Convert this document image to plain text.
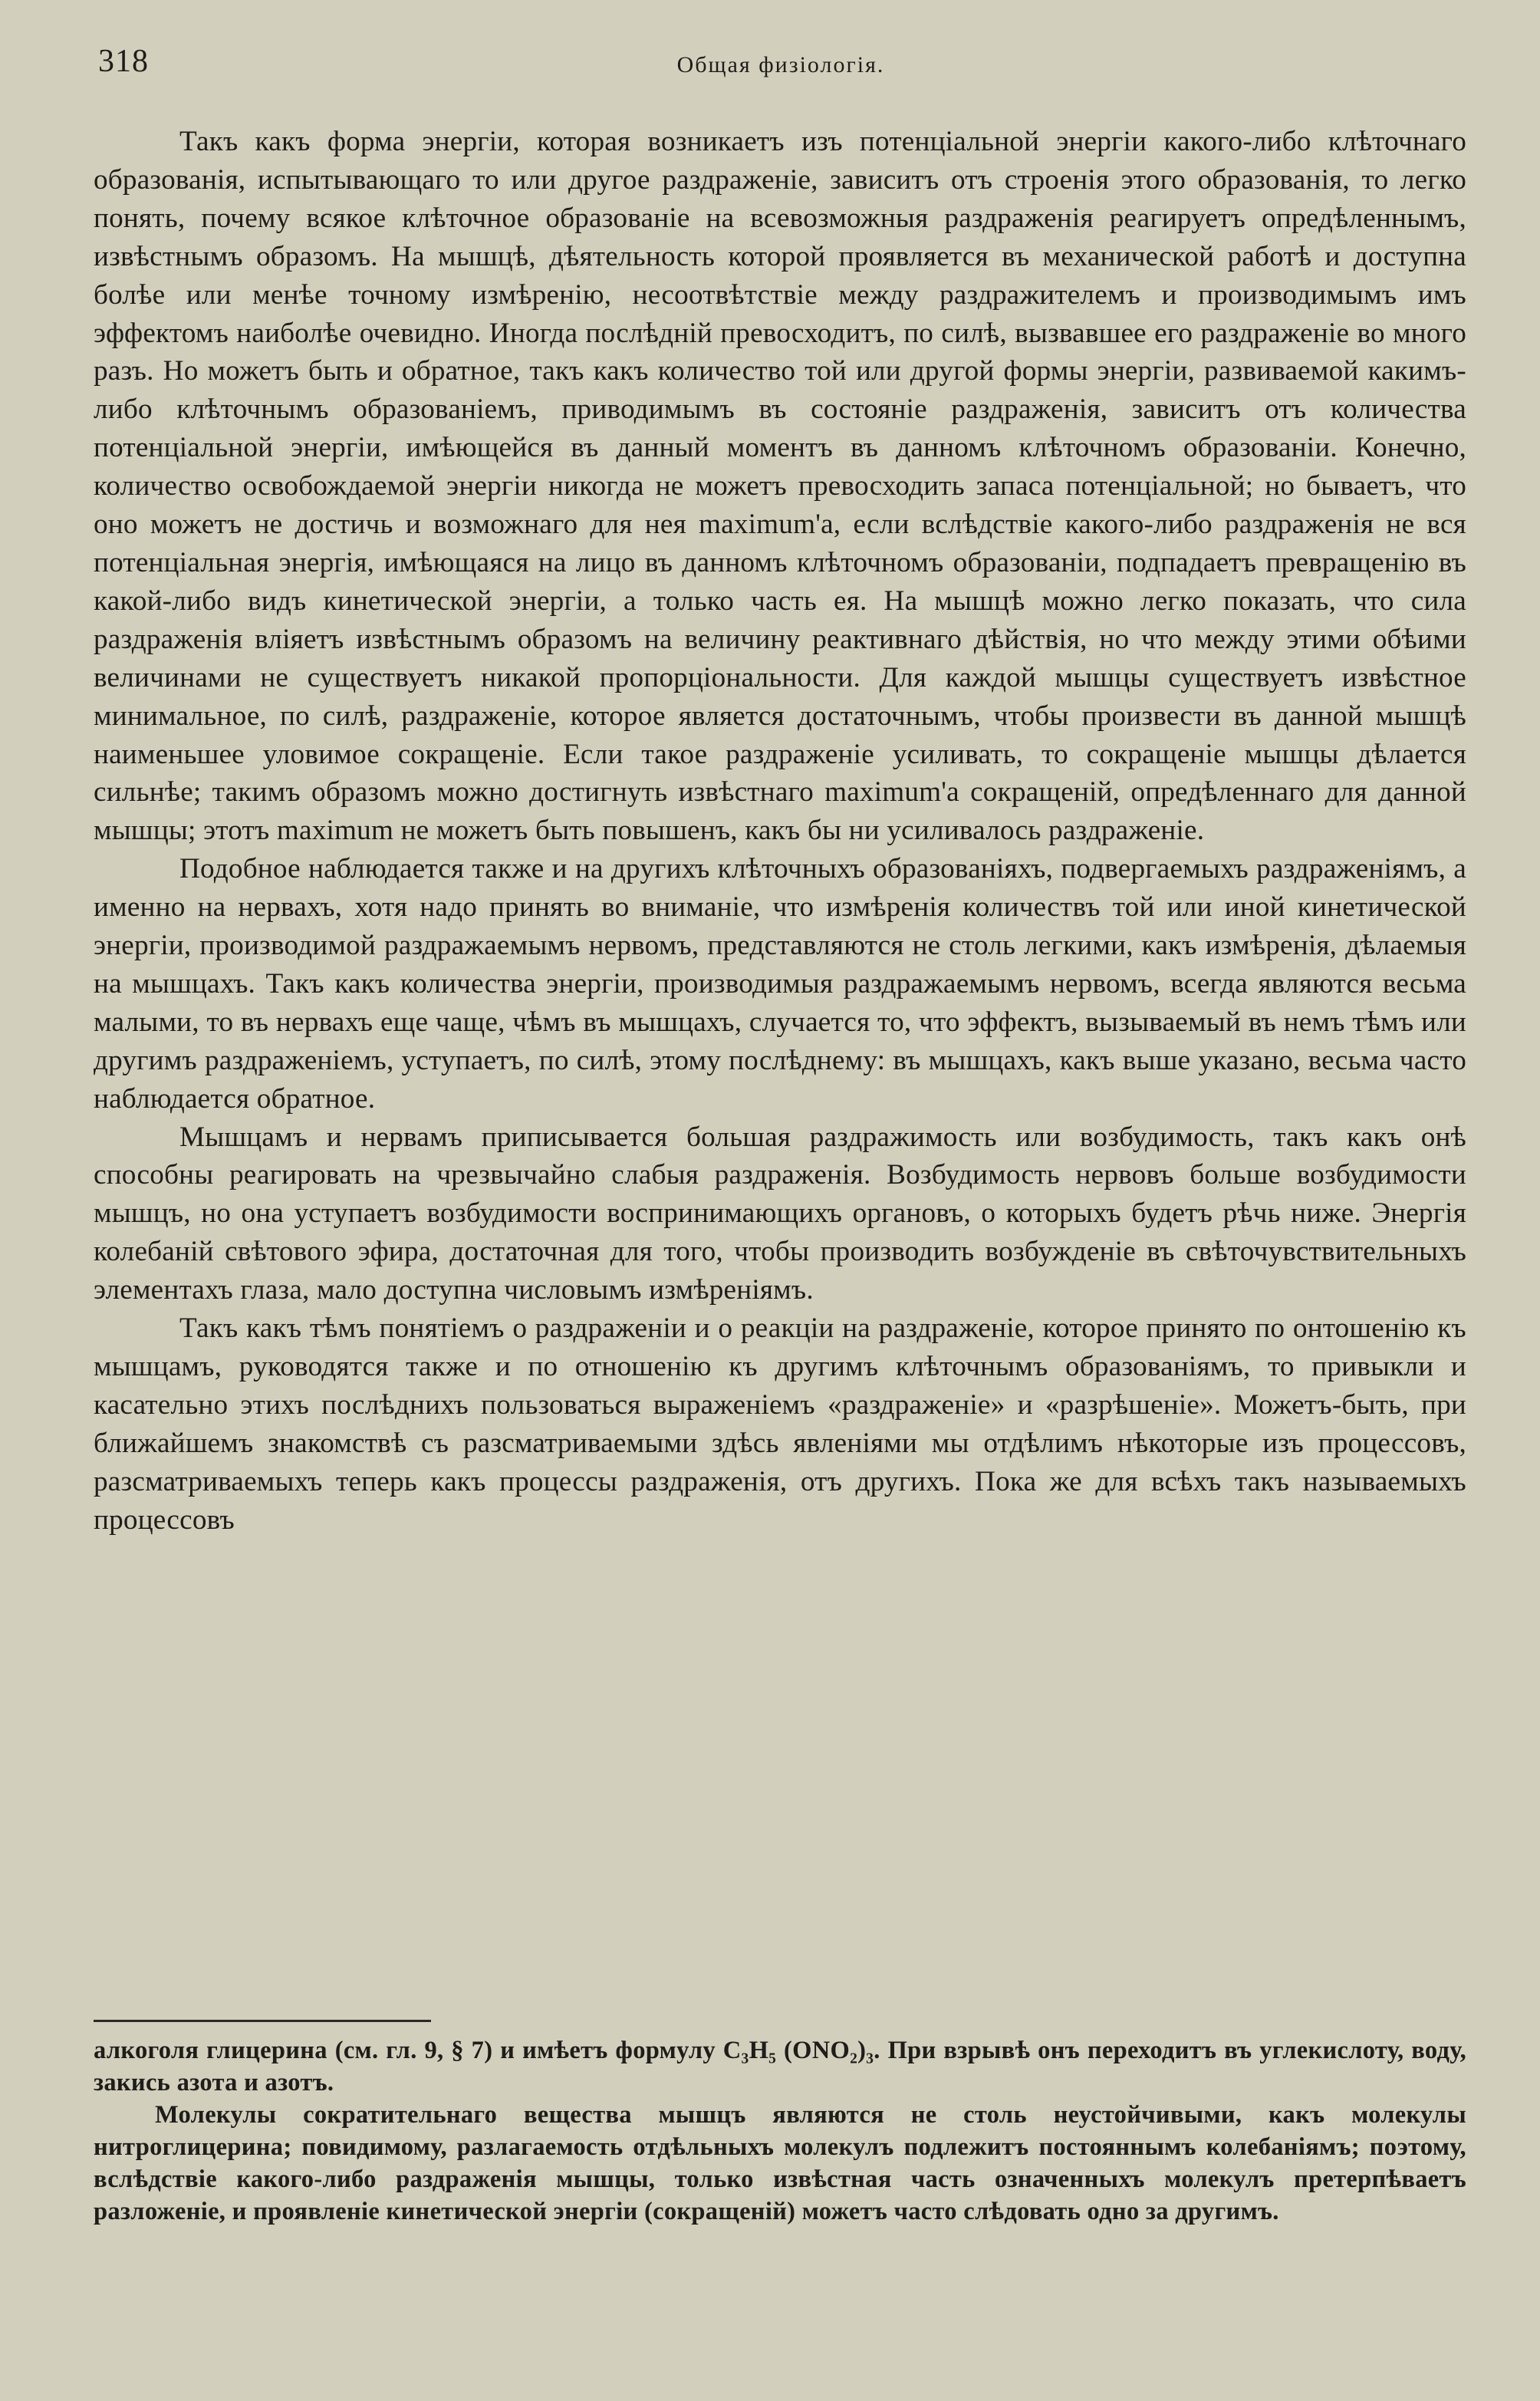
318	Общая физіологія.

Такъ какъ форма энергіи, которая возникаетъ изъ потенціальной энергіи какого-либо клѣточнаго образованія, испытывающаго то или другое раздраженіе, зависитъ отъ строенія этого образованія, то легко понять, почему всякое клѣточное образованіе на всевозможныя раздраженія реагируетъ опредѣленнымъ, извѣстнымъ образомъ. На мышцѣ, дѣятельность которой проявляется въ механической работѣ и доступна болѣе или менѣе точному измѣренію, несоотвѣтствіе между раздражителемъ и производимымъ имъ эффектомъ наиболѣе очевидно. Иногда послѣдній превосходитъ, по силѣ, вызвавшее его раздраженіе во много разъ. Но можетъ быть и обратное, такъ какъ количество той или другой формы энергіи, развиваемой какимъ-либо клѣточнымъ образованіемъ, приводимымъ въ состояніе раздраженія, зависитъ отъ количества потенціальной энергіи, имѣющейся въ данный моментъ въ данномъ клѣточномъ образованіи. Конечно, количество освобождаемой энергіи никогда не можетъ превосходить запаса потенціальной; но бываетъ, что оно можетъ не достичь и возможнаго для нея maximum'а, если вслѣдствіе какого-либо раздраженія не вся потенціальная энергія, имѣющаяся на лицо въ данномъ клѣточномъ образованіи, подпадаетъ превращенію въ какой-либо видъ кинетической энергіи, а только часть ея. На мышцѣ можно легко показать, что сила раздраженія вліяетъ извѣстнымъ образомъ на величину реактивнаго дѣйствія, но что между этими обѣими величинами не существуетъ никакой пропорціональности. Для каждой мышцы существуетъ извѣстное минимальное, по силѣ, раздраженіе, которое является достаточнымъ, чтобы произвести въ данной мышцѣ наименьшее уловимое сокращеніе. Если такое раздраженіе усиливать, то сокращеніе мышцы дѣлается сильнѣе; такимъ образомъ можно достигнуть извѣстнаго maximum'а сокращеній, опредѣленнаго для данной мышцы; этотъ maximum не можетъ быть повышенъ, какъ бы ни усиливалось раздраженіе.

Подобное наблюдается также и на другихъ клѣточныхъ образованіяхъ, подвергаемыхъ раздраженіямъ, а именно на нервахъ, хотя надо принять во вниманіе, что измѣренія количествъ той или иной кинетической энергіи, производимой раздражаемымъ нервомъ, представляются не столь легкими, какъ измѣренія, дѣлаемыя на мышцахъ. Такъ какъ количества энергіи, производимыя раздражаемымъ нервомъ, всегда являются весьма малыми, то въ нервахъ еще чаще, чѣмъ въ мышцахъ, случается то, что эффектъ, вызываемый въ немъ тѣмъ или другимъ раздраженіемъ, уступаетъ, по силѣ, этому послѣднему: въ мышцахъ, какъ выше указано, весьма часто наблюдается обратное.

Мышцамъ и нервамъ приписывается большая раздражимость или возбудимость, такъ какъ онѣ способны реагировать на чрезвычайно слабыя раздраженія. Возбудимость нервовъ больше возбудимости мышцъ, но она уступаетъ возбудимости воспринимающихъ органовъ, о которыхъ будетъ рѣчь ниже. Энергія колебаній свѣтового эфира, достаточная для того, чтобы производить возбужденіе въ свѣточувствительныхъ элементахъ глаза, мало доступна числовымъ измѣреніямъ.

Такъ какъ тѣмъ понятіемъ о раздраженіи и о реакціи на раздраженіе, которое принято по онтошенію къ мышцамъ, руководятся также и по отношенію къ другимъ клѣточнымъ образованіямъ, то привыкли и касательно этихъ послѣднихъ пользоваться выраженіемъ «раздраженіе» и «разрѣшеніе». Можетъ-быть, при ближайшемъ знакомствѣ съ разсматриваемыми здѣсь явленіями мы отдѣлимъ нѣкоторые изъ процессовъ, разсматриваемыхъ теперь какъ процессы раздраженія, отъ другихъ. Пока же для всѣхъ такъ называемыхъ процессовъ

алкоголя глицерина (см. гл. 9, § 7) и имѣетъ формулу C₃H₅ (ONO₂)₃. При взрывѣ онъ переходитъ въ углекислоту, воду, закись азота и азотъ.

Молекулы сократительнаго вещества мышцъ являются не столь неустойчивыми, какъ молекулы нитроглицерина; повидимому, разлагаемость отдѣльныхъ молекулъ подлежитъ постояннымъ колебаніямъ; поэтому, вслѣдствіе какого-либо раздраженія мышцы, только извѣстная часть означенныхъ молекулъ претерпѣваетъ разложеніе, и проявленіе кинетической энергіи (сокращеній) можетъ часто слѣдовать одно за другимъ.
